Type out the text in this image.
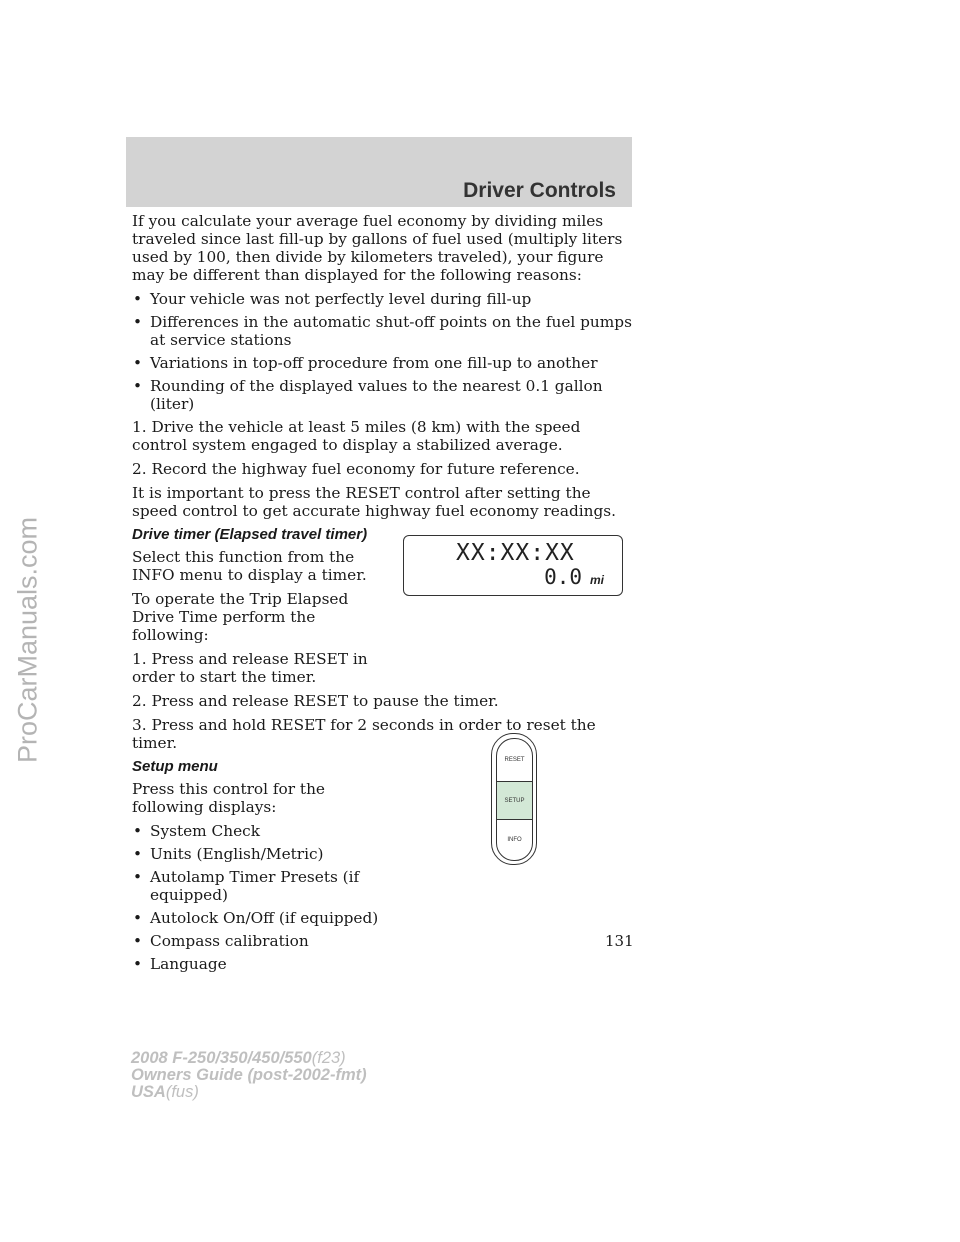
Driver Controls
ProCarManuals.com

If you calculate your average fuel economy by dividing miles traveled since last fill-up by gallons of fuel used (multiply liters used by 100, then divide by kilometers traveled), your figure may be different than displayed for the following reasons:

• Your vehicle was not perfectly level during fill-up
• Differences in the automatic shut-off points on the fuel pumps at service stations
• Variations in top-off procedure from one fill-up to another
• Rounding of the displayed values to the nearest 0.1 gallon (liter)

1. Drive the vehicle at least 5 miles (8 km) with the speed control system engaged to display a stabilized average.

2. Record the highway fuel economy for future reference.

It is important to press the RESET control after setting the speed control to get accurate highway fuel economy readings.

Drive timer (Elapsed travel timer)

Select this function from the INFO menu to display a timer.

To operate the Trip Elapsed Drive Time perform the following:

1. Press and release RESET in order to start the timer.

2. Press and release RESET to pause the timer.

3. Press and hold RESET for 2 seconds in order to reset the timer.

Setup menu

Press this control for the following displays:

• System Check
• Units (English/Metric)
• Autolamp Timer Presets (if equipped)
• Autolock On/Off (if equipped)
• Compass calibration
• Language
XX:XX:XX
0.0 mi
RESET
SETUP
INFO
131
2008 F-250/350/450/550(f23)
Owners Guide (post-2002-fmt)
USA(fus)
